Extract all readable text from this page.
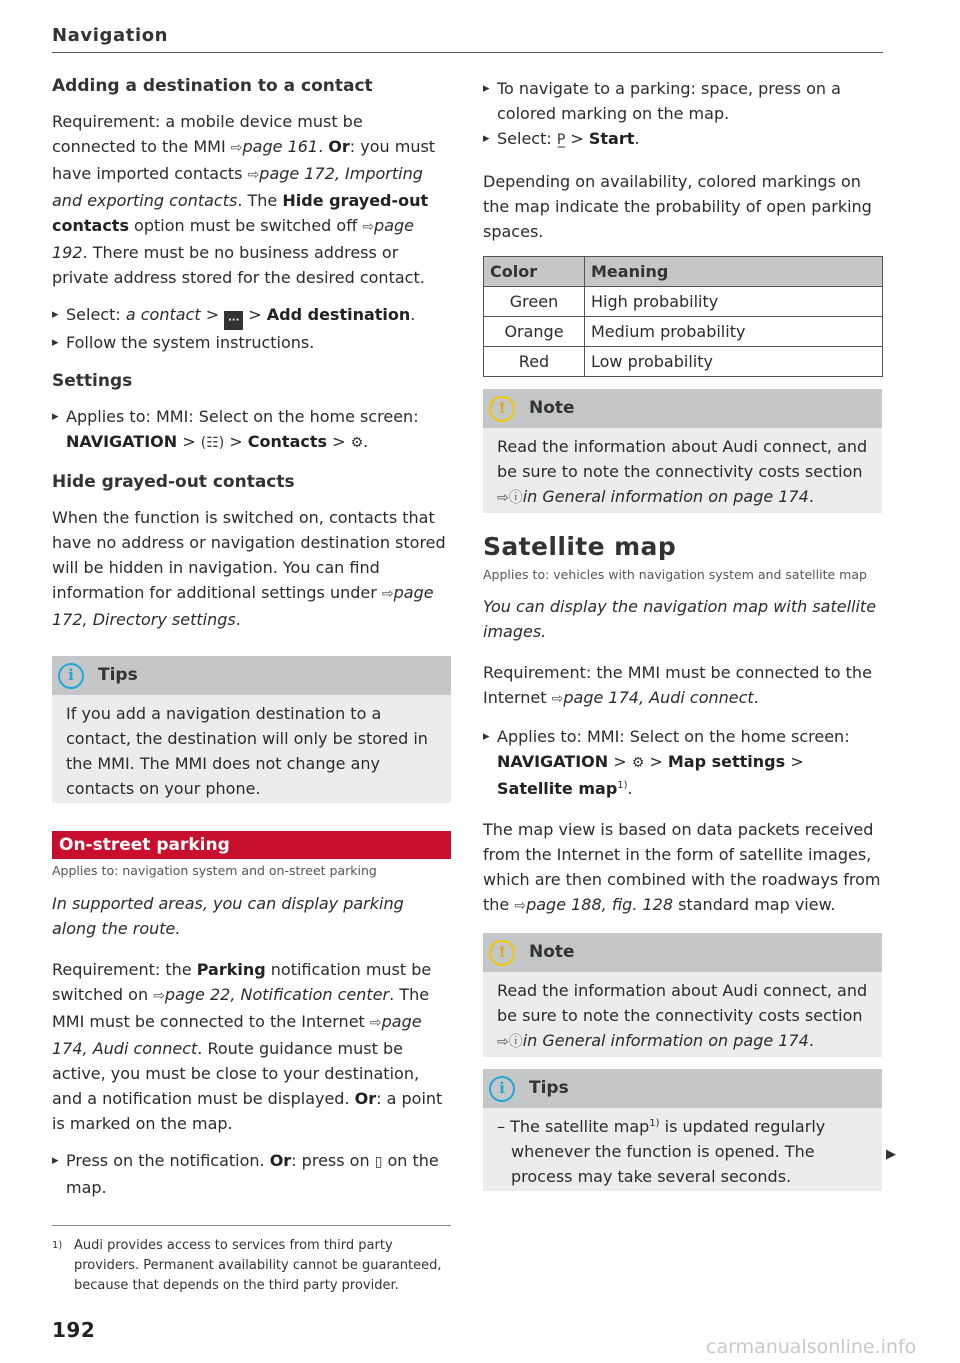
Navigation
Adding a destination to a contact

Requirement: a mobile device must be connected to the MMI ⇨page 161. Or: you must have imported contacts ⇨page 172, Importing and exporting contacts. The Hide grayed-out contacts option must be switched off ⇨page 192. There must be no business address or private address stored for the desired contact.

▸ Select: a contact > ··· > Add destination.

▸ Follow the system instructions.

Settings

▸ Applies to: MMI: Select on the home screen:
NAVIGATION > (☷) > Contacts > ⚙.

Hide grayed-out contacts

When the function is switched on, contacts that have no address or navigation destination stored will be hidden in navigation. You can find information for additional settings under ⇨page 172, Directory settings.

i	Tips
If you add a navigation destination to a contact, the destination will only be stored in the MMI. The MMI does not change any contacts on your phone.
On-street parking
Applies to: navigation system and on-street parking

In supported areas, you can display parking along the route.

Requirement: the Parking notification must be switched on ⇨page 22, Notification center. The MMI must be connected to the Internet ⇨page 174, Audi connect. Route guidance must be active, you must be close to your destination, and a notification must be displayed. Or: a point is marked on the map.

▸ Press on the notification. Or: press on ▯ on the map.

1) Audi provides access to services from third party providers. Permanent availability cannot be guaranteed, because that depends on the third party provider.
192

▸ To navigate to a parking: space, press on a colored marking on the map.

▸ Select: P̲ > Start.

Depending on availability, colored markings on the map indicate the probability of open parking spaces.

Color	Meaning
Green	High probability
Orange	Medium probability
Red	Low probability
!	Note
Read the information about Audi connect, and be sure to note the connectivity costs section ⇨ⓘin General information on page 174.
Satellite map
Applies to: vehicles with navigation system and satellite map

You can display the navigation map with satellite images.

Requirement: the MMI must be connected to the Internet ⇨page 174, Audi connect.

▸ Applies to: MMI: Select on the home screen:
NAVIGATION > ⚙ > Map settings > Satellite map$^{1)}$.

The map view is based on data packets received from the Internet in the form of satellite images, which are then combined with the roadways from the ⇨page 188, fig. 128 standard map view.

!	Note
Read the information about Audi connect, and be sure to note the connectivity costs section ⇨ⓘin General information on page 174.
i	Tips
– The satellite map$^{1)}$ is updated regularly whenever the function is opened. The process may take several seconds.
▶
carmanualsonline.info
